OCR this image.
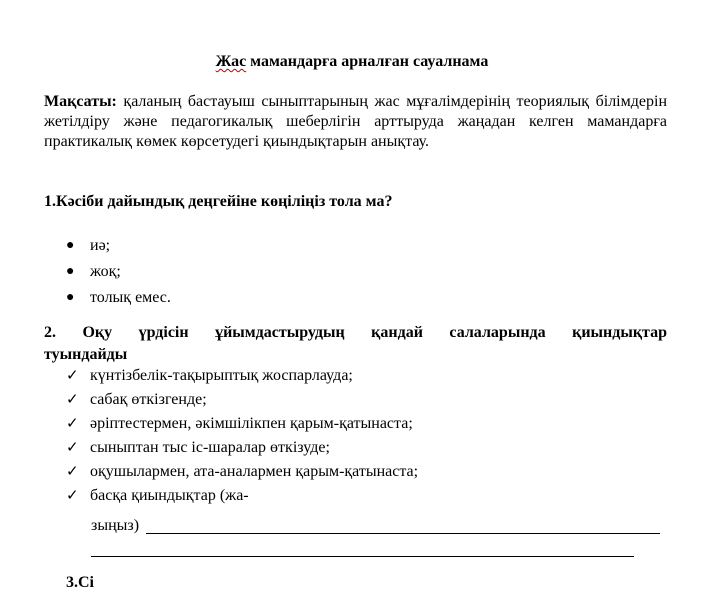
Жас мамандарға арналған сауалнама
Мақсаты: қаланың бастауыш сыныптарының жас мұғалімдерінің теориялық білімдерін жетілдіру және педагогикалық шеберлігін арттыруда жаңадан келген мамандарға практикалық көмек көрсетудегі қиындықтарын анықтау.
1.Кәсіби дайындық деңгейіне көңіліңіз тола ма?
● иә;
● жоқ;
● толық емес.
2. Оқу үрдісін ұйымдастырудың қандай салаларында қиындықтар
туындайды
✓ күнтізбелік-тақырыптық жоспарлауда;
✓ сабақ өткізгенде;
✓ әріптестермен, әкімшілікпен қарым-қатынаста;
✓ сыныптан тыс іс-шаралар өткізуде;
✓ оқушылармен, ата-аналармен қарым-қатынаста;
✓ басқа қиындықтар (жа-
зыңыз)
3.Сі
